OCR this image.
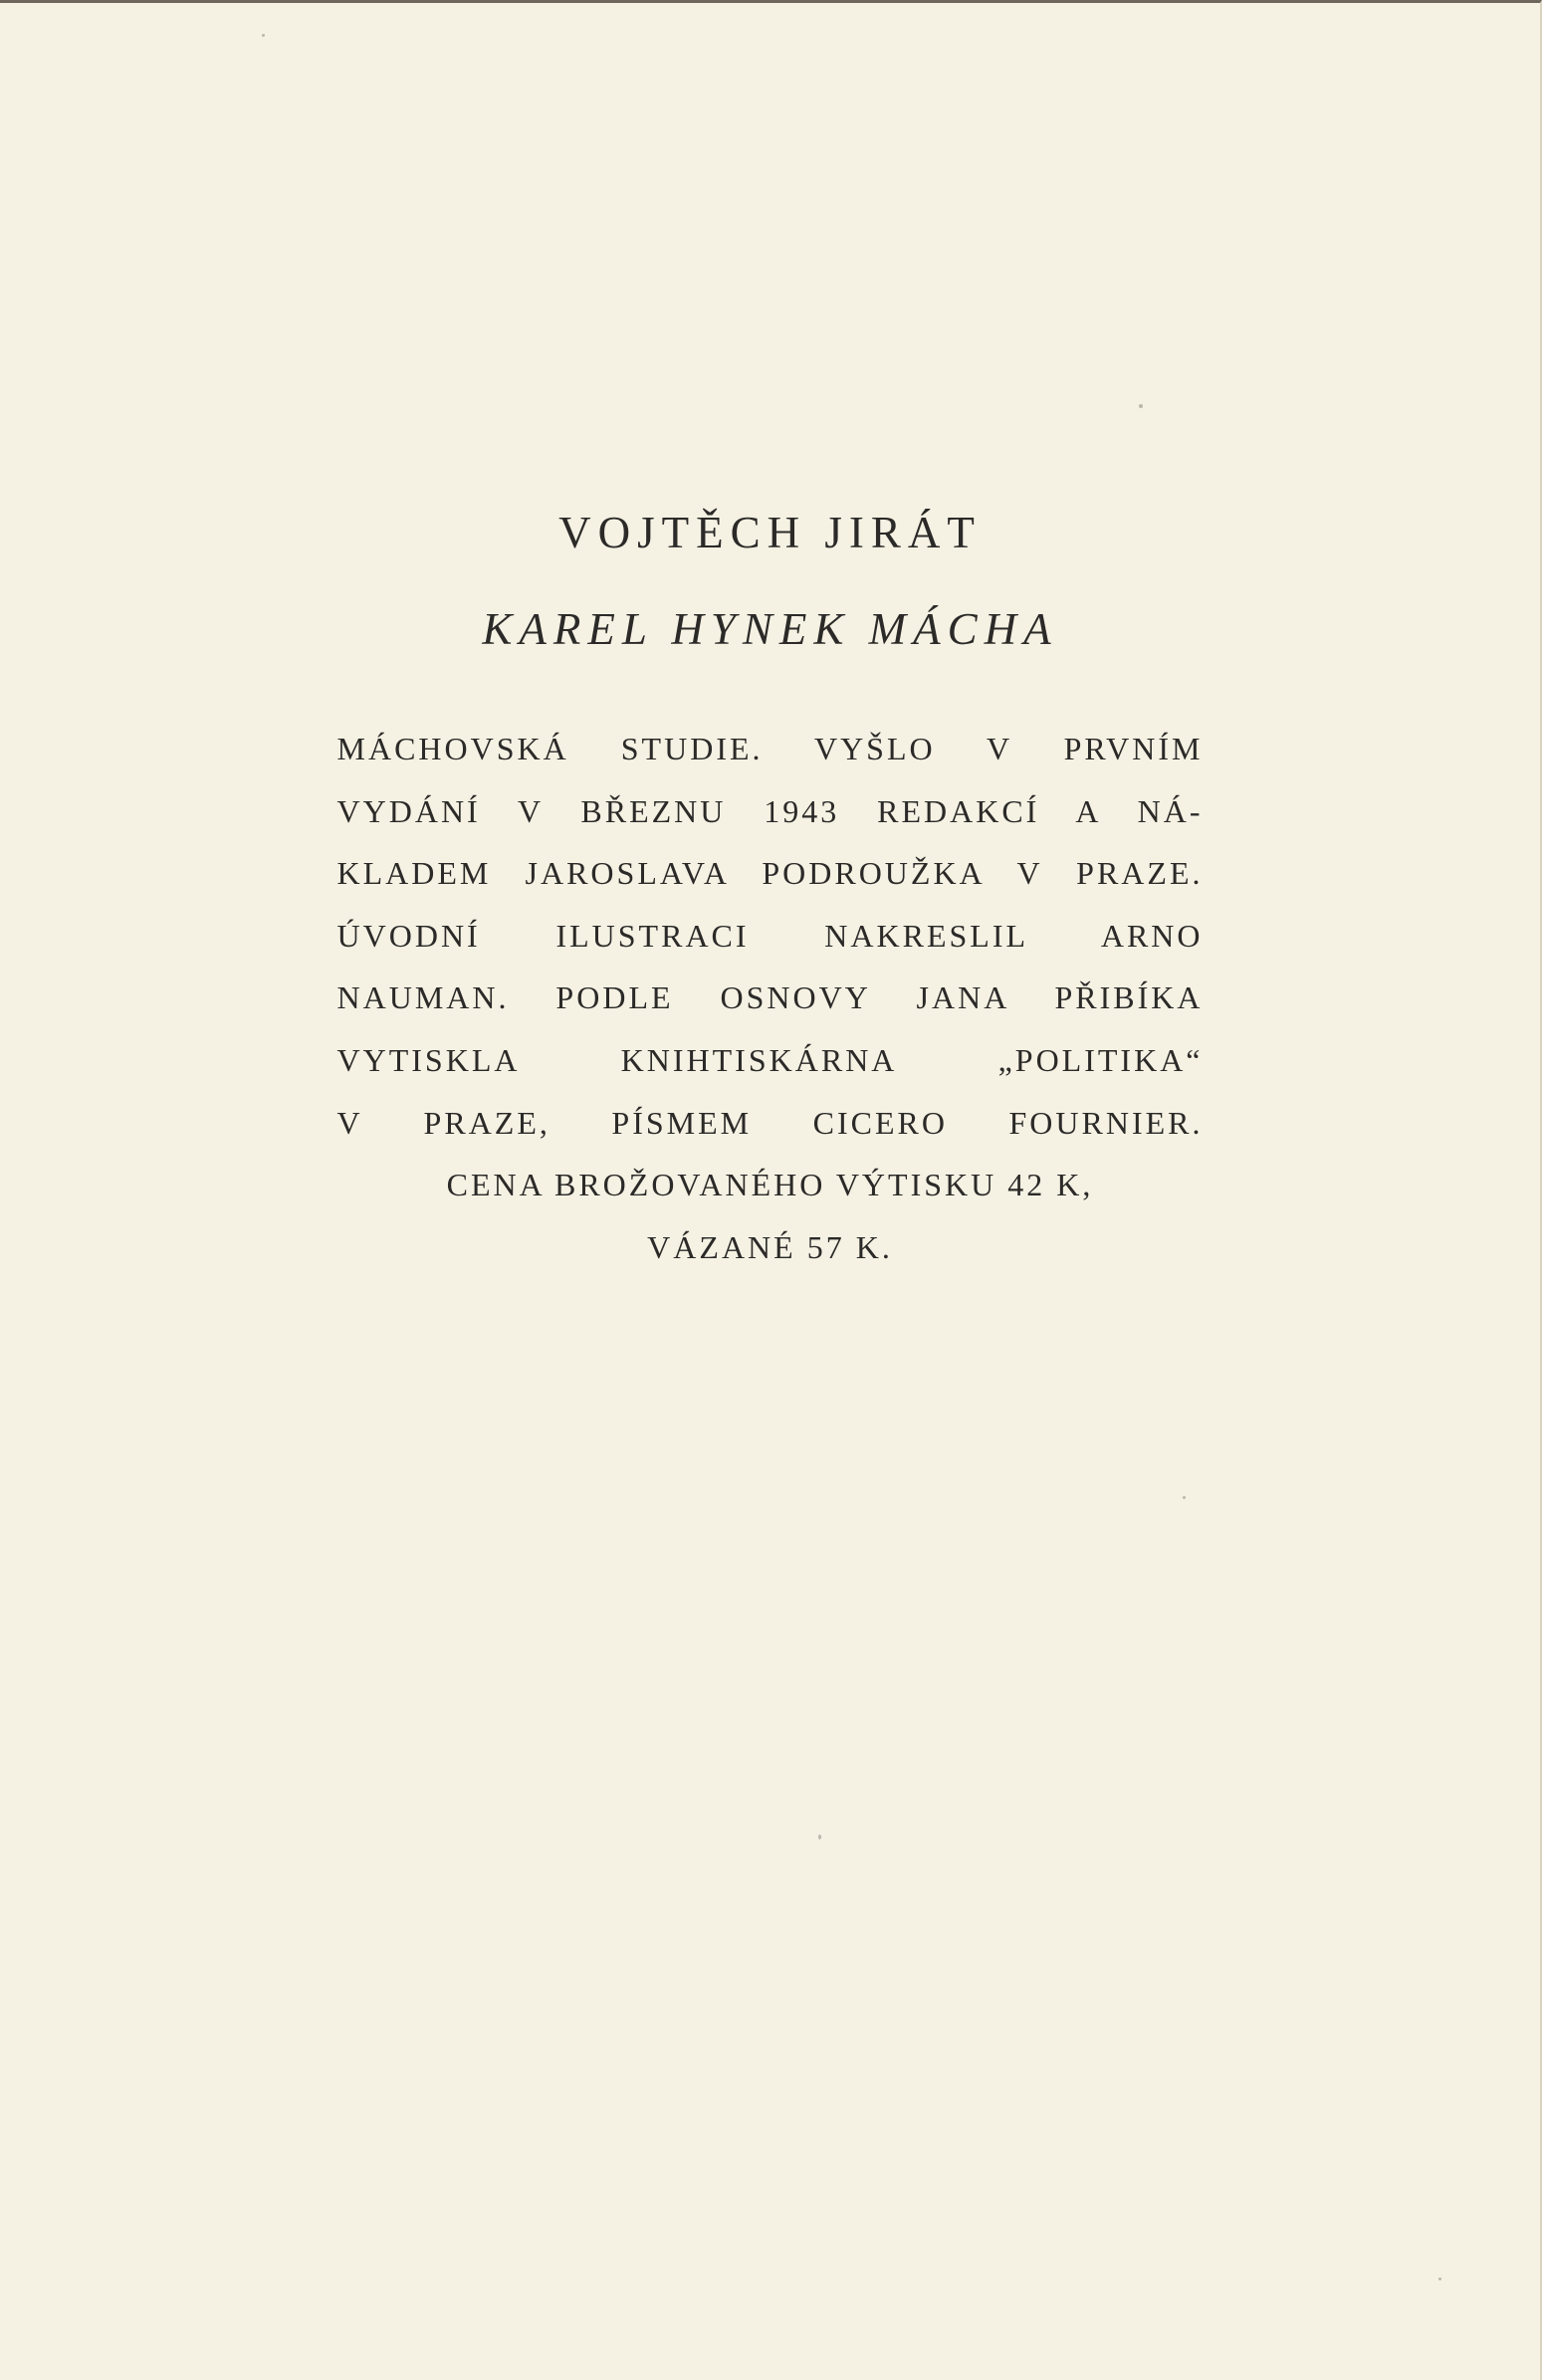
VOJTĚCH JIRÁT
KAREL HYNEK MÁCHA
MÁCHOVSKÁ STUDIE. VYŠLO V PRVNÍM
VYDÁNÍ V BŘEZNU 1943 REDAKCÍ A NÁ-
KLADEM JAROSLAVA PODROUŽKA V PRAZE.
ÚVODNÍ ILUSTRACI NAKRESLIL ARNO
NAUMAN. PODLE OSNOVY JANA PŘIBÍKA
VYTISKLA KNIHTISKÁRNA „POLITIKA“
V PRAZE, PÍSMEM CICERO FOURNIER.
CENA BROŽOVANÉHO VÝTISKU 42 K,
VÁZANÉ 57 K.
